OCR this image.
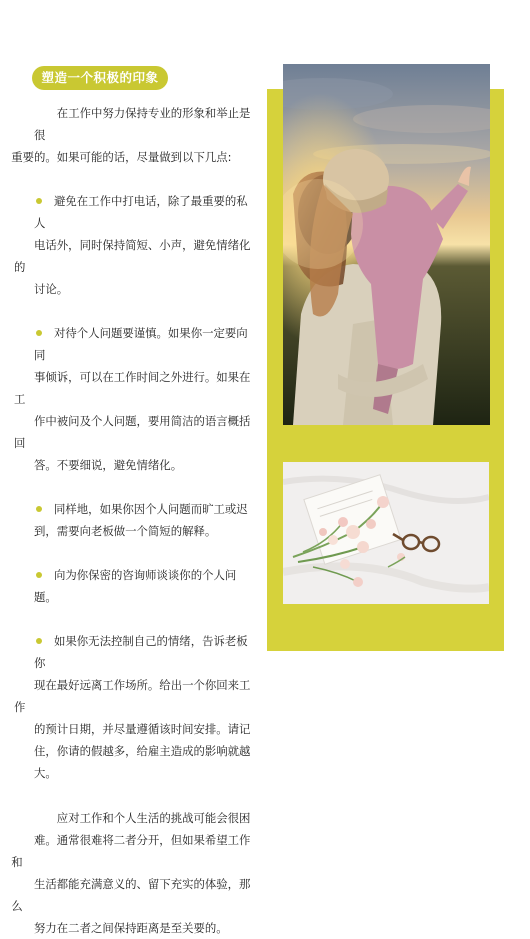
塑造一个积极的印象

在工作中努力保持专业的形象和举止是很
重要的。如果可能的话，尽量做到以下几点:

避免在工作中打电话，除了最重要的私人
电话外，同时保持简短、小声，避免情绪化的
讨论。

对待个人问题要谨慎。如果你一定要向同
事倾诉，可以在工作时间之外进行。如果在工
作中被问及个人问题，要用简洁的语言概括回
答。不要细说，避免情绪化。

同样地，如果你因个人问题而旷工或迟
到，需要向老板做一个简短的解释。

向为你保密的咨询师谈谈你的个人问题。

如果你无法控制自己的情绪，告诉老板你
现在最好远离工作场所。给出一个你回来工作
的预计日期，并尽量遵循该时间安排。请记
住，你请的假越多，给雇主造成的影响就越
大。

应对工作和个人生活的挑战可能会很困
难。通常很难将二者分开，但如果希望工作和
生活都能充满意义的、留下充实的体验，那么
努力在二者之间保持距离是至关要的。
